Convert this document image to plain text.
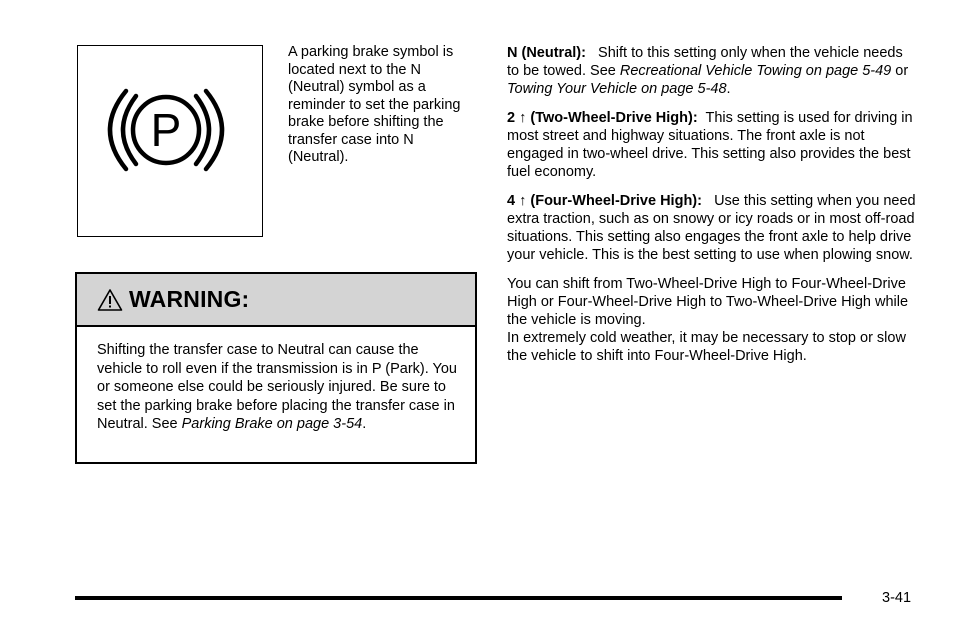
P
A parking brake symbol is located next to the N (Neutral) symbol as a reminder to set the parking brake before shifting the transfer case into N (Neutral).
WARNING:
Shifting the transfer case to Neutral can cause the vehicle to roll even if the transmission is in P (Park). You or someone else could be seriously injured. Be sure to set the parking brake before placing the transfer case in Neutral. See Parking Brake on page 3-54.

N (Neutral): Shift to this setting only when the vehicle needs to be towed. See Recreational Vehicle Towing on page 5-49 or Towing Your Vehicle on page 5-48.

2 ↑ (Two-Wheel-Drive High): This setting is used for driving in most street and highway situations. The front axle is not engaged in two-wheel drive. This setting also provides the best fuel economy.

4 ↑ (Four-Wheel-Drive High): Use this setting when you need extra traction, such as on snowy or icy roads or in most off-road situations. This setting also engages the front axle to help drive your vehicle. This is the best setting to use when plowing snow.

You can shift from Two-Wheel-Drive High to Four-Wheel-Drive High or Four-Wheel-Drive High to Two-Wheel-Drive High while the vehicle is moving.

In extremely cold weather, it may be necessary to stop or slow the vehicle to shift into Four-Wheel-Drive High.

3-41
